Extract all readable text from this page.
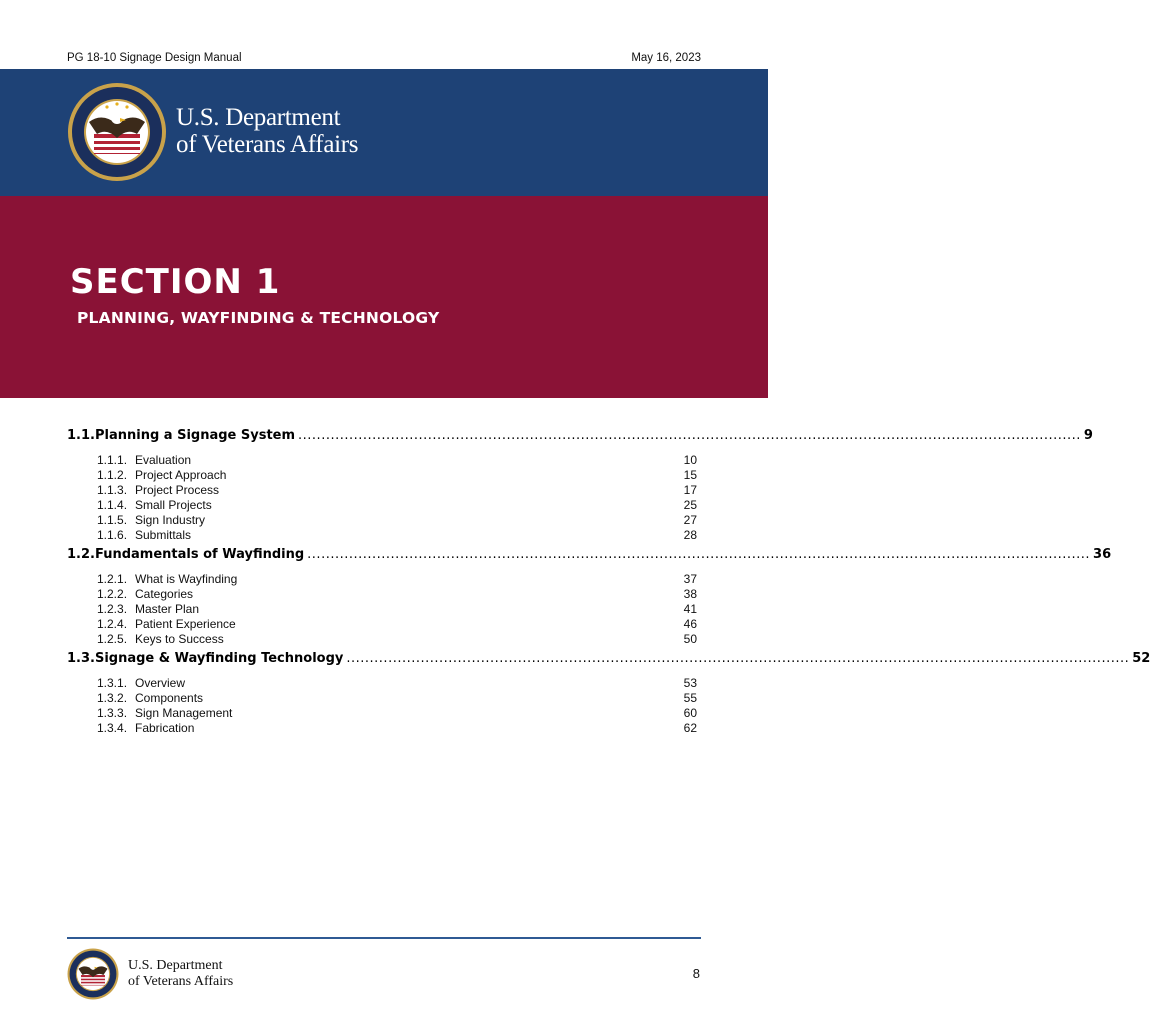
PG 18-10 Signage Design Manual	May 16, 2023
U.S. Department
of Veterans Affairs
SECTION 1
PLANNING, WAYFINDING & TECHNOLOGY
1.1. Planning a Signage System ......................................................................................................................................................................... 9
1.1.1. Evaluation	10
1.1.2. Project Approach	15
1.1.3. Project Process	17
1.1.4. Small Projects	25
1.1.5. Sign Industry	27
1.1.6. Submittals	28
1.2. Fundamentals of Wayfinding ......................................................................................................................................................................... 36
1.2.1. What is Wayfinding	37
1.2.2. Categories	38
1.2.3. Master Plan	41
1.2.4. Patient Experience	46
1.2.5. Keys to Success	50
1.3. Signage & Wayfinding Technology ......................................................................................................................................................................... 52
1.3.1. Overview	53
1.3.2. Components	55
1.3.3. Sign Management	60
1.3.4. Fabrication	62
U.S. Department
of Veterans Affairs
8
